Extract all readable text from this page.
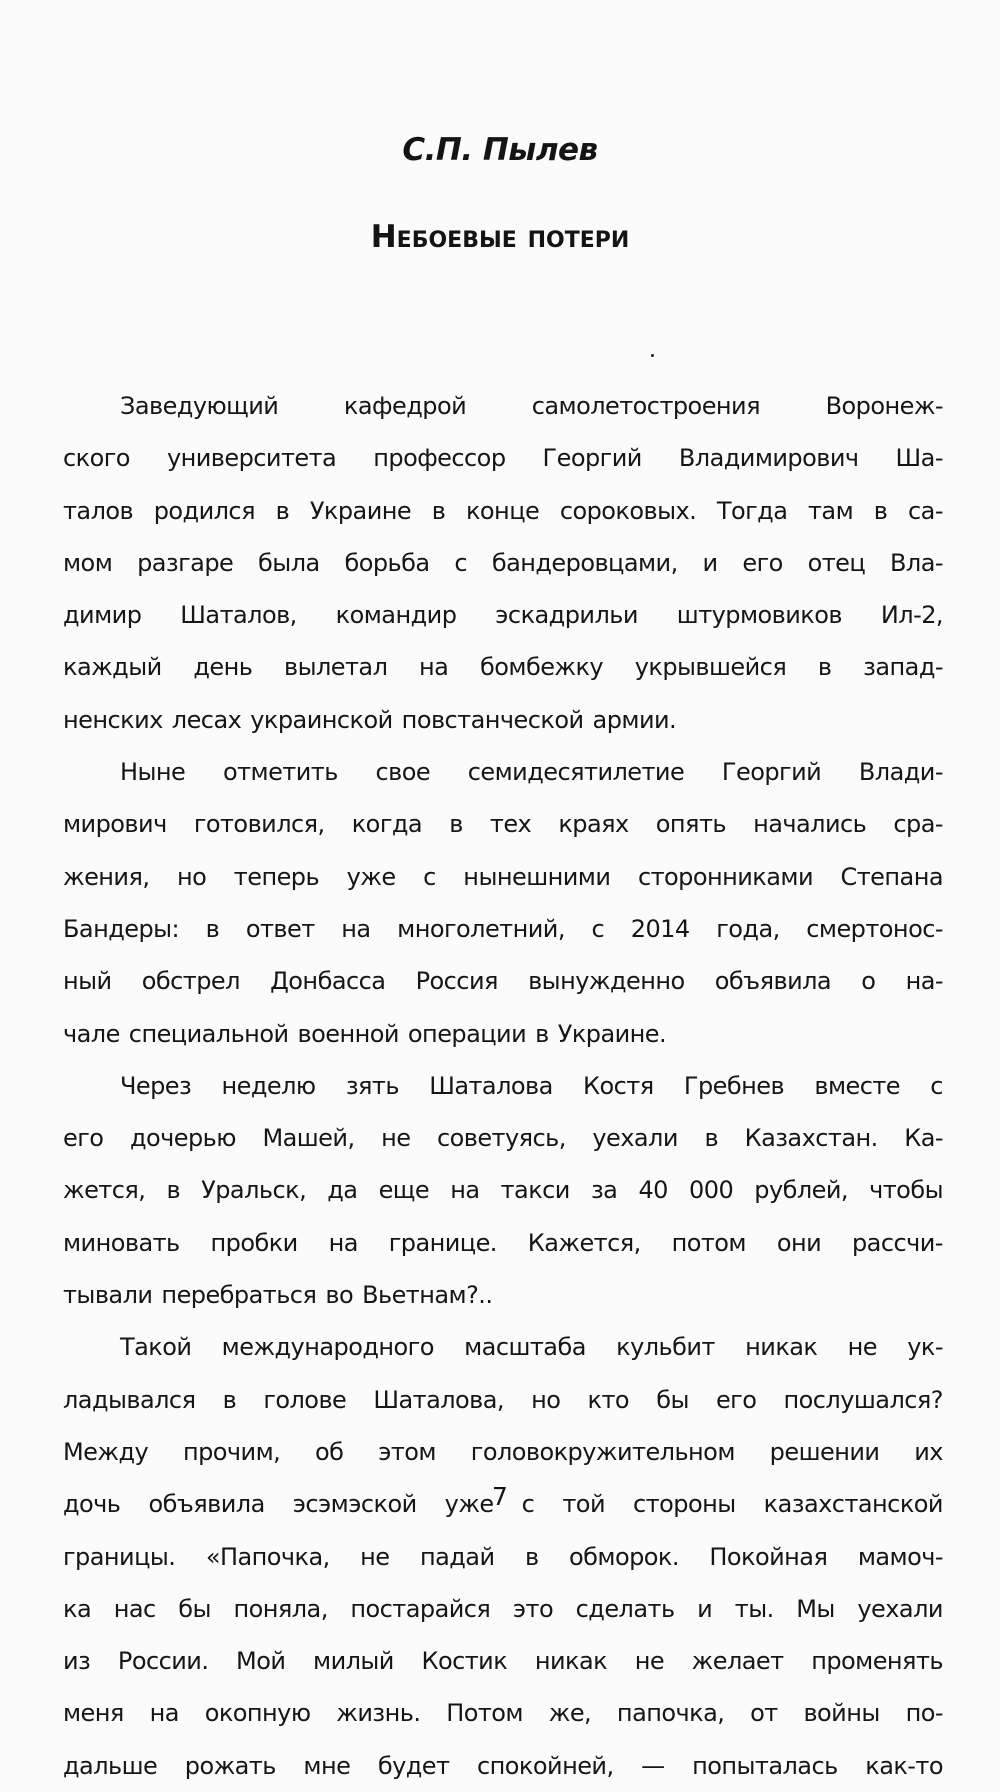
С.П. Пылев
Небоевые потери
Заведующий	кафедрой	самолетостроения	Воронеж-
ского университета профессор Георгий Владимирович Ша-
талов родился в Украине в конце сороковых. Тогда там в са-
мом разгаре была борьба с бандеровцами, и его отец Вла-
димир Шаталов, командир эскадрильи штурмовиков Ил-2,
каждый день вылетал на бомбежку укрывшейся в запад-
ненских лесах украинской повстанческой армии.
Ныне отметить свое семидесятилетие Георгий Влади-
мирович готовился, когда в тех краях опять начались сра-
жения, но теперь уже с нынешними сторонниками Степана
Бандеры: в ответ на многолетний, с 2014 года, смертонос-
ный обстрел Донбасса Россия вынужденно объявила о на-
чале специальной военной операции в Украине.
Через неделю зять Шаталова Костя Гребнев вместе с
его дочерью Машей, не советуясь, уехали в Казахстан. Ка-
жется, в Уральск, да еще на такси за 40 000 рублей, чтобы
миновать пробки на границе. Кажется, потом они рассчи-
тывали перебраться во Вьетнам?..
Такой международного масштаба кульбит никак не ук-
ладывался в голове Шаталова, но кто бы его послушался?
Между прочим, об этом головокружительном решении их
дочь объявила эсэмэской уже с той стороны казахстанской
границы. «Папочка, не падай в обморок. Покойная мамоч-
ка нас бы поняла, постарайся это сделать и ты. Мы уехали
из России. Мой милый Костик никак не желает променять
меня на окопную жизнь. Потом же, папочка, от войны по-
дальше рожать мне будет спокойней, — попыталась как-то
7
